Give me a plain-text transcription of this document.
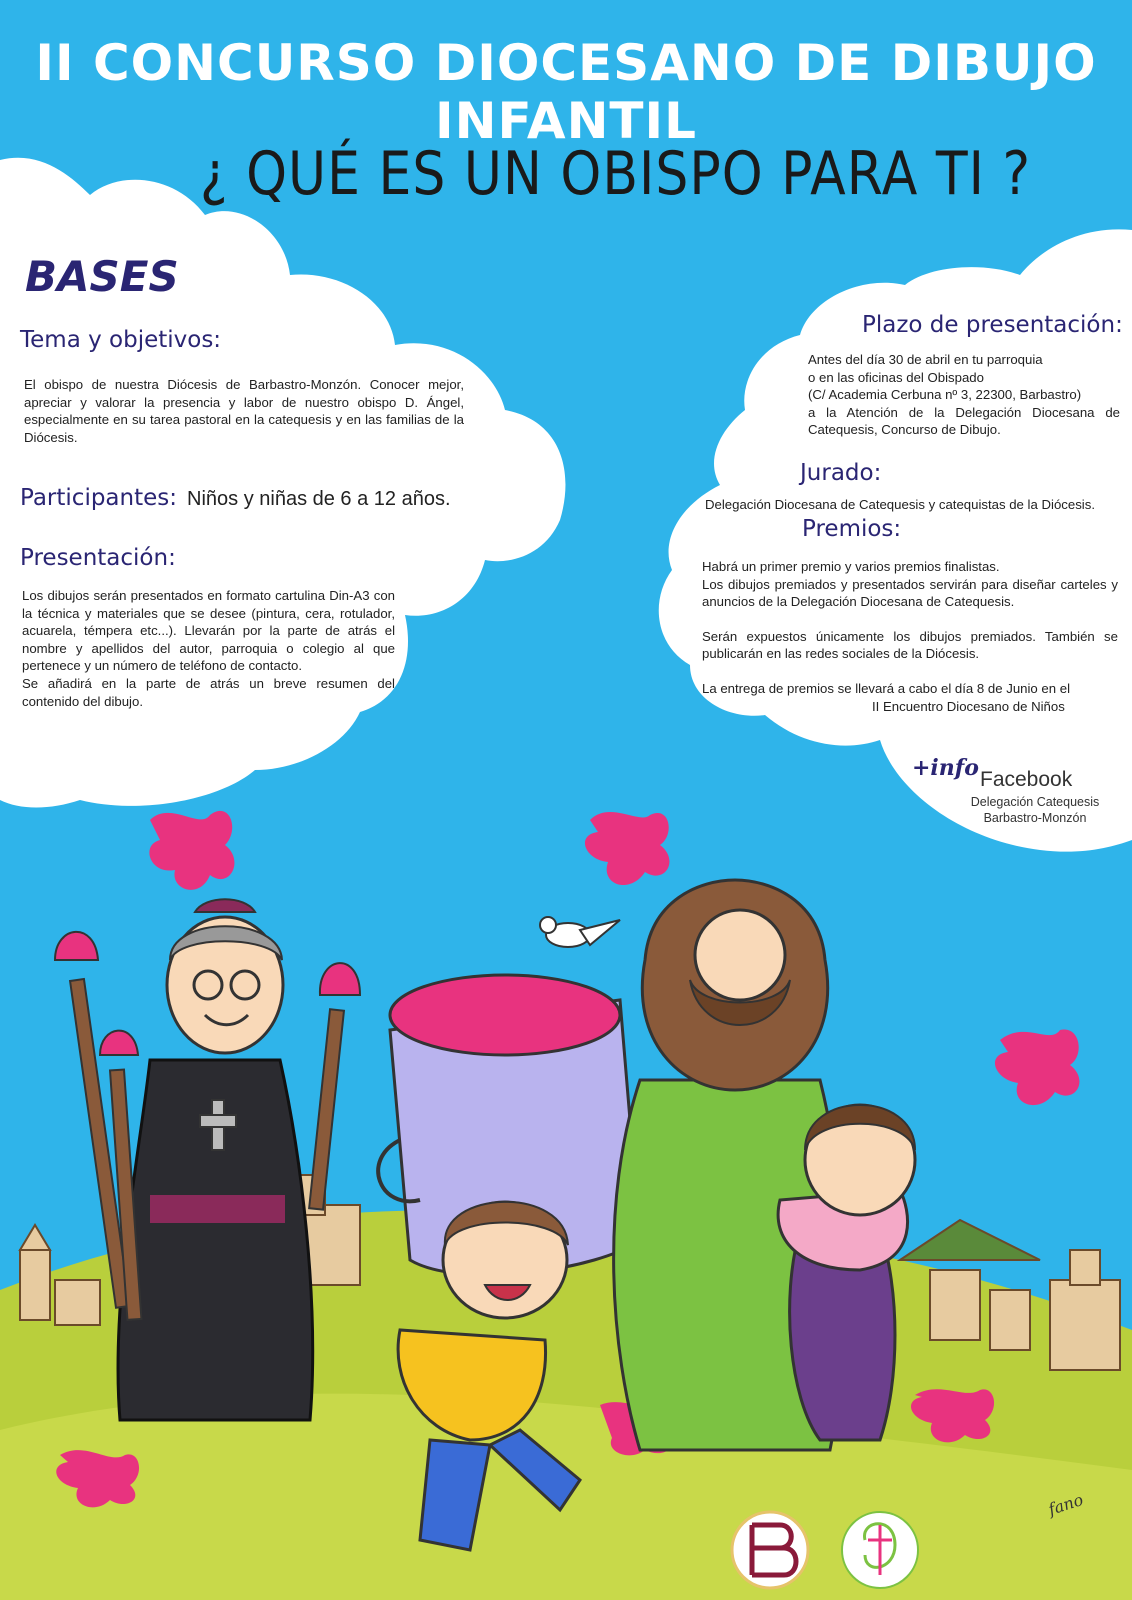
II CONCURSO DIOCESANO DE DIBUJO INFANTIL
¿ QUÉ ES UN OBISPO PARA TI ?
BASES
Tema y objetivos:
El obispo de nuestra Diócesis de Barbastro-Monzón. Conocer mejor, apreciar y valorar la presencia y labor de nuestro obispo D. Ángel, especialmente en su tarea pastoral en la catequesis y en las familias de la Diócesis.
Participantes: Niños y niñas de 6 a 12 años.
Presentación:

Los dibujos serán presentados en formato cartulina Din-A3 con la técnica y materiales que se desee (pintura, cera, rotulador, acuarela, témpera etc...). Llevarán por la parte de atrás el nombre y apellidos del autor, parroquia o colegio al que pertenece y un número de teléfono de contacto.

Se añadirá en la parte de atrás un breve resumen del contenido del dibujo.

Plazo de presentación:

Antes del día 30 de abril en tu parroquia

o en las oficinas del Obispado

(C/ Academia Cerbuna nº 3, 22300, Barbastro)

a la Atención de la Delegación Diocesana de Catequesis, Concurso de Dibujo.

Jurado:
Delegación Diocesana de Catequesis y catequistas de la Diócesis.
Premios:

Habrá un primer premio y varios premios finalistas.

Los dibujos premiados y presentados servirán para diseñar carteles y anuncios de la Delegación Diocesana de Catequesis.

Serán expuestos únicamente los dibujos premiados. También se publicarán en las redes sociales de la Diócesis.

La entrega de premios se llevará a cabo el día 8 de Junio en el

II Encuentro Diocesano de Niños

+info Facebook
Delegación Catequesis
Barbastro-Monzón
fano
